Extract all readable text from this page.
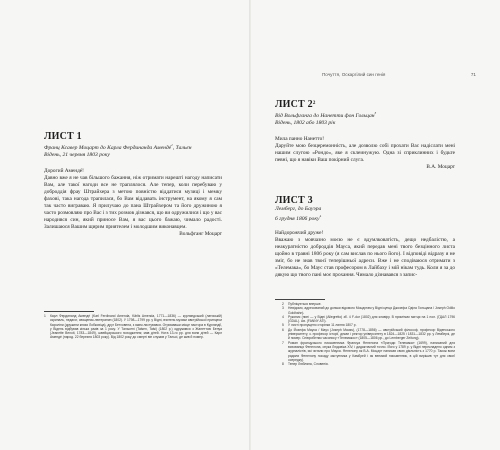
Почуття, Оскаргілий син генія	71
ЛИСТ 1
Франц Ксавер Моцарт до Карла Фердинанда Амендé$^1$, Тальєн
Відень, 21 червня 1803 року
Дорогий Амендé!
Давно вже я не чав більшого бажання, ніж отримати нарешті нагоду написати Вам, але такої нагоди все не траплялося. Але тепер, коли перебуваю у доброддія фрау Штрайхера з метою повністю віддатися музиці і мемку фахові, така нагода трапилася, бо Вам віддавать інструмент, на якому я сам так часто виграваю. Я прилучаю до пана Штрайхером та його дружиною я часто розмовляю про Вас і з тих розмов дізнався, що ви одружилися і що у вас народився син, який приносе Вам, я вас цього бажаю, чимало радості. Залишаюся Вашим щирим приятелем і молодшим виконавцем.
Вольфганг Моцарт
1	Карл Фердинанд Амендé (Karl Ferdinand Amenda, Kārlis Amenda, 1771—1836) — курляндський (латиській) скрипаль, педагог, священик-лютеранин (1802). У 1798—1799 рр. у Відні, вчитель музики австрійської принцеси Кароліни (дружини князя Лобковіца), друг Бетховена, з яким листувався. Отримавши місце пастора в Курляндії, у Відень відбував кілька разів за 1 року. У Тальсені (Talsen, Talsi) (1802 р.) одружився з Жанеттою Бенуа (Jeanette Benoit, 1783—1849), швейцарського походження; мав дітей. Нота 13-го рр. для вони дітей — Карл Амендé (народ. 22 березня 1803 року). Від 1802 року до смерті він служив у Тальсі, де жив й помер.
ЛИСТ $2^2$
Від Вольфганга до Нанетти фон Гольцан$^3$
Відень, 1802 або 1803 рік
Мила панно Нанетто!
Даруйте мою безцеремонність, але дозволю собі прохати Вас надіслати мені нашим слугою «Рондо», яке я склеинужую. Одна зі сприклинних і будьте певні, що я навіки Ваш покірний слуга.
В.А. Моцарт
ЛИСТ 3
Лемберг, до Бауэрa
6 грудня 1806 року$^4$
Найдорожчий друже!
Вважаю з мовчазно моєю не є вдумлковатість, дещо недбалістю, а неакуратністю доброддія Мауса, який передав мені твого безцінного листа щойно в травні 1806 року (я сам вислав по нього його). І відповіді відразу я не зміг, бо не знав твоєї теперішньої адреси. Вже і не сподіваюся отримати з «Телемака», бо Маус став професором в Лайбаху і мій нікам тудь. Коли я за до дякую що твого пані моє прохання. Чимало дізнавався з запис-
2	Публікується вперше.
3	Невідомо, адресований до доньки відомого Моцартам у Відні купця Джозефа Оділа Гольцана / Joseph Odilio Goldhahn).
4	Рукопис (нині — у Відні (Allegretto) зб. 4 F-dur (1802) для клавіру. В примітках митця на 1 пол. (ГДАЛ 1796 (GDAL). Ав. (FANNY ATI).
5	У листі пропущено сторінки 11 липня 1807 р.
6	До Йозефа Мауса / Мауз (Joseph Mauss), (1778—1856) — австрійський філософ, професор Віденського університету, з. професор історії, декан і ректор університету в 1824—1825 і 1831—1832 рр. у Лемберзі, де й помер. Співробітник часопису «Телемакос» (1805—1806 рр., до Lemberger Zeitung).
7	Роман французького письменника Франсуа Фенелона «Пригоди Телемака» (1699), написаний для вихованця Фенелона, онука Людовіка XIV, і дидактичний точно. Його у 1789 р. у Відні перекладено одним з журналістів, які читали про Мауса. Фенелону як В.А. Моцарт написав свою діяльність з 1770 р. Також вони радили Фенелону посаду заступника у Камбрей і як великий письменник, в цій вирішив тут для своєї осередку).
8	Тепер Любляна, Словенія.
